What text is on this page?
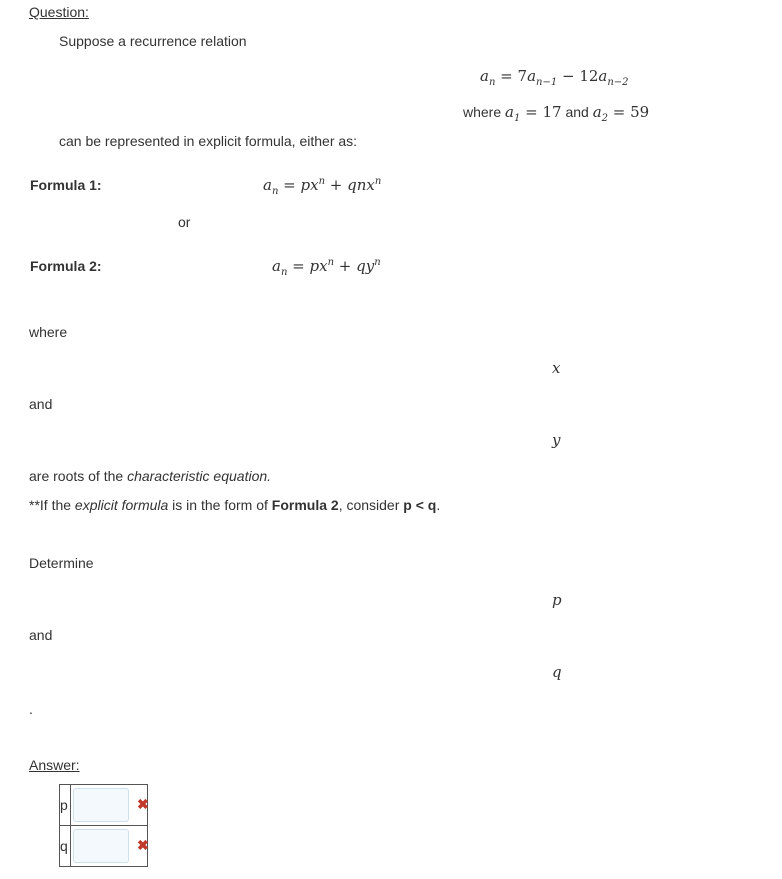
Question:
Suppose a recurrence relation
$a_n = 7a_{n-1} - 12a_{n-2}$
where $a_1 = 17$ and $a_2 = 59$
can be represented in explicit formula, either as:
Formula 1:	$a_n = px^n + qnx^n$
or
Formula 2:	$a_n = px^n + qy^n$
where
x
and
y
are roots of the characteristic equation.
**If the explicit formula is in the form of Formula 2, consider p < q.
Determine
p
and
q
.
Answer:
p	✖

q	✖
